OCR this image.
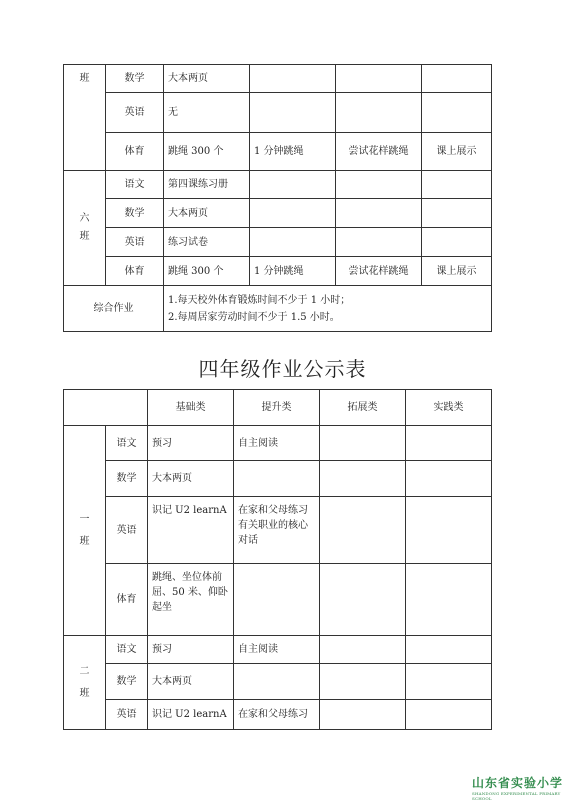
班	数学	大本两页			
	英语	无			
	体育	跳绳 300 个	1 分钟跳绳	尝试花样跳绳	课上展示
六班	语文	第四课练习册			
	数学	大本两页			
	英语	练习试卷			
	体育	跳绳 300 个	1 分钟跳绳	尝试花样跳绳	课上展示
综合作业		1.每天校外体育锻炼时间不少于 1 小时；
2.每周居家劳动时间不少于 1.5 小时。			
四年级作业公示表
		基础类	提升类	拓展类	实践类
一班	语文	预习	自主阅读		
	数学	大本两页			
	英语	识记 U2 learnA	在家和父母练习有关职业的核心对话		
	体育	跳绳、坐位体前屈、50 米、仰卧起坐			
二班	语文	预习	自主阅读		
	数学	大本两页			
	英语	识记 U2 learnA	在家和父母练习		
山东省实验小学
SHANDONG EXPERIMENTAL PRIMARY SCHOOL
